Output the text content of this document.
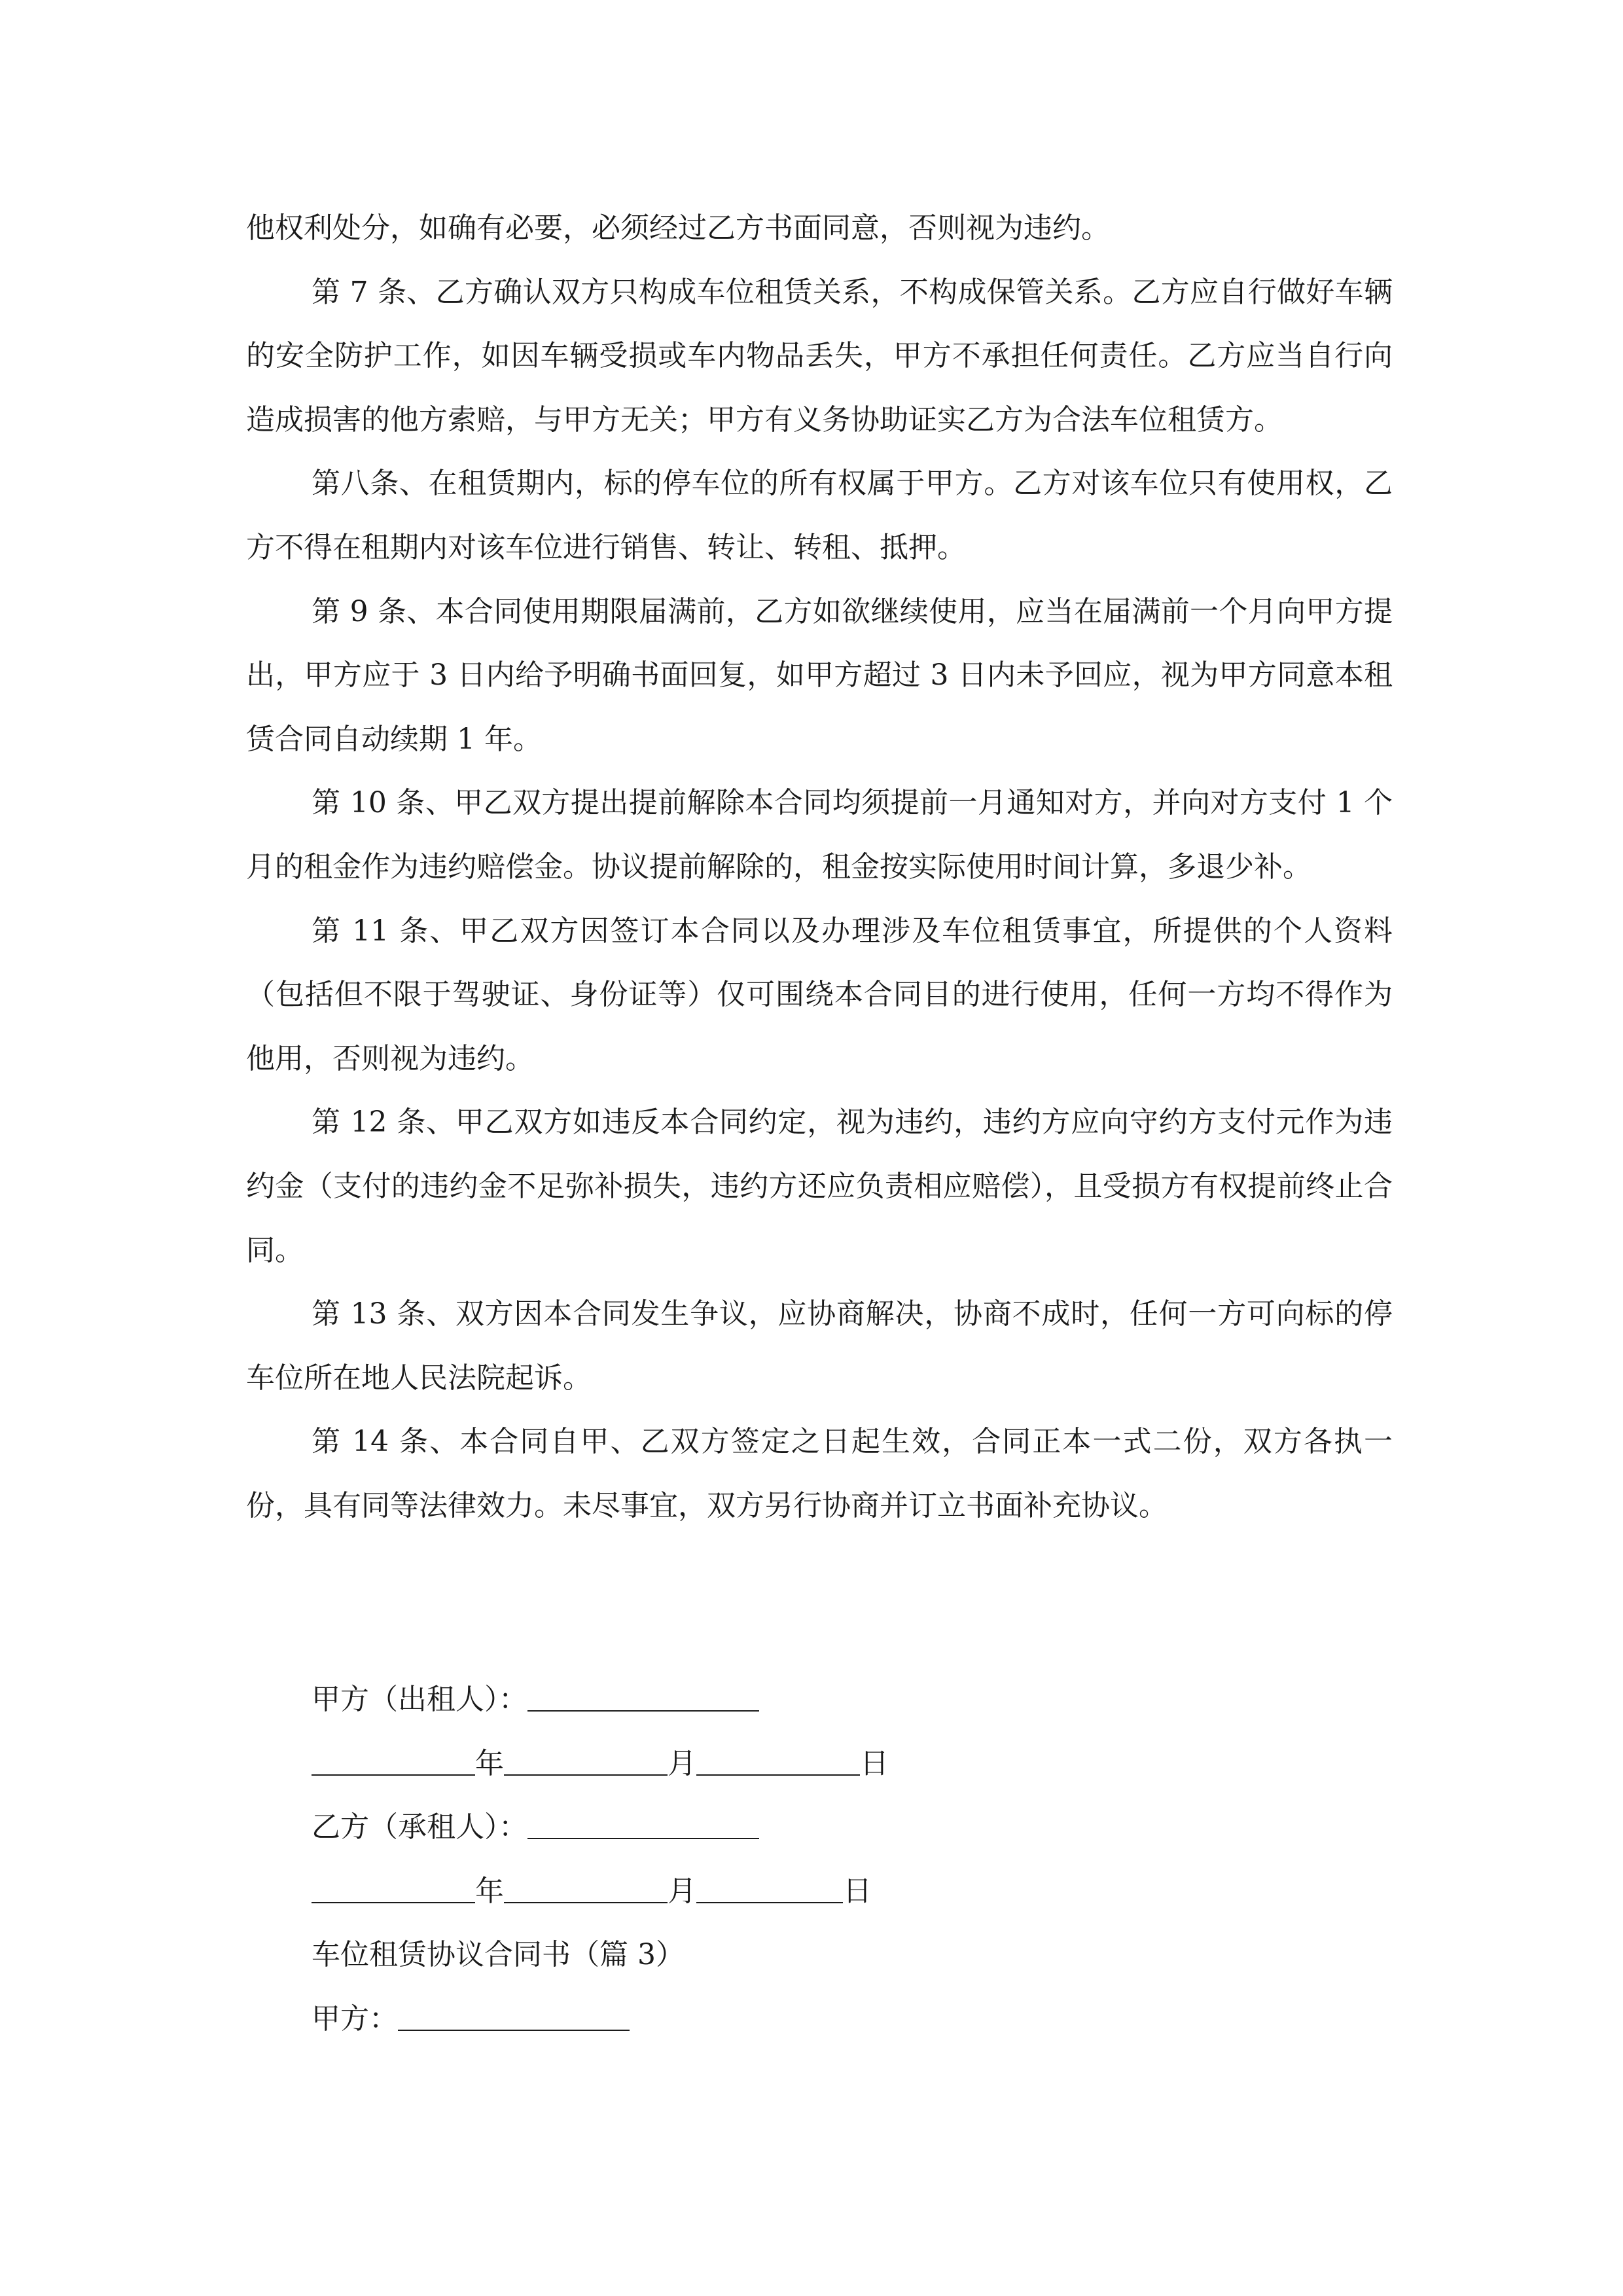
他权利处分，如确有必要，必须经过乙方书面同意，否则视为违约。

第 7 条、乙方确认双方只构成车位租赁关系，不构成保管关系。乙方应自行做好车辆的安全防护工作，如因车辆受损或车内物品丢失，甲方不承担任何责任。乙方应当自行向造成损害的他方索赔，与甲方无关；甲方有义务协助证实乙方为合法车位租赁方。

第八条、在租赁期内，标的停车位的所有权属于甲方。乙方对该车位只有使用权，乙方不得在租期内对该车位进行销售、转让、转租、抵押。

第 9 条、本合同使用期限届满前，乙方如欲继续使用，应当在届满前一个月向甲方提出，甲方应于 3 日内给予明确书面回复，如甲方超过 3 日内未予回应，视为甲方同意本租赁合同自动续期 1 年。

第 10 条、甲乙双方提出提前解除本合同均须提前一月通知对方，并向对方支付 1 个月的租金作为违约赔偿金。协议提前解除的，租金按实际使用时间计算，多退少补。

第 11 条、甲乙双方因签订本合同以及办理涉及车位租赁事宜，所提供的个人资料（包括但不限于驾驶证、身份证等）仅可围绕本合同目的进行使用，任何一方均不得作为他用，否则视为违约。

第 12 条、甲乙双方如违反本合同约定，视为违约，违约方应向守约方支付元作为违约金（支付的违约金不足弥补损失，违约方还应负责相应赔偿），且受损方有权提前终止合同。

第 13 条、双方因本合同发生争议，应协商解决，协商不成时，任何一方可向标的停车位所在地人民法院起诉。

第 14 条、本合同自甲、乙双方签定之日起生效，合同正本一式二份，双方各执一份，具有同等法律效力。未尽事宜，双方另行协商并订立书面补充协议。

甲方（出租人）：

年	月	日

乙方（承租人）：

年	月	日

车位租赁协议合同书（篇 3）

甲方：
